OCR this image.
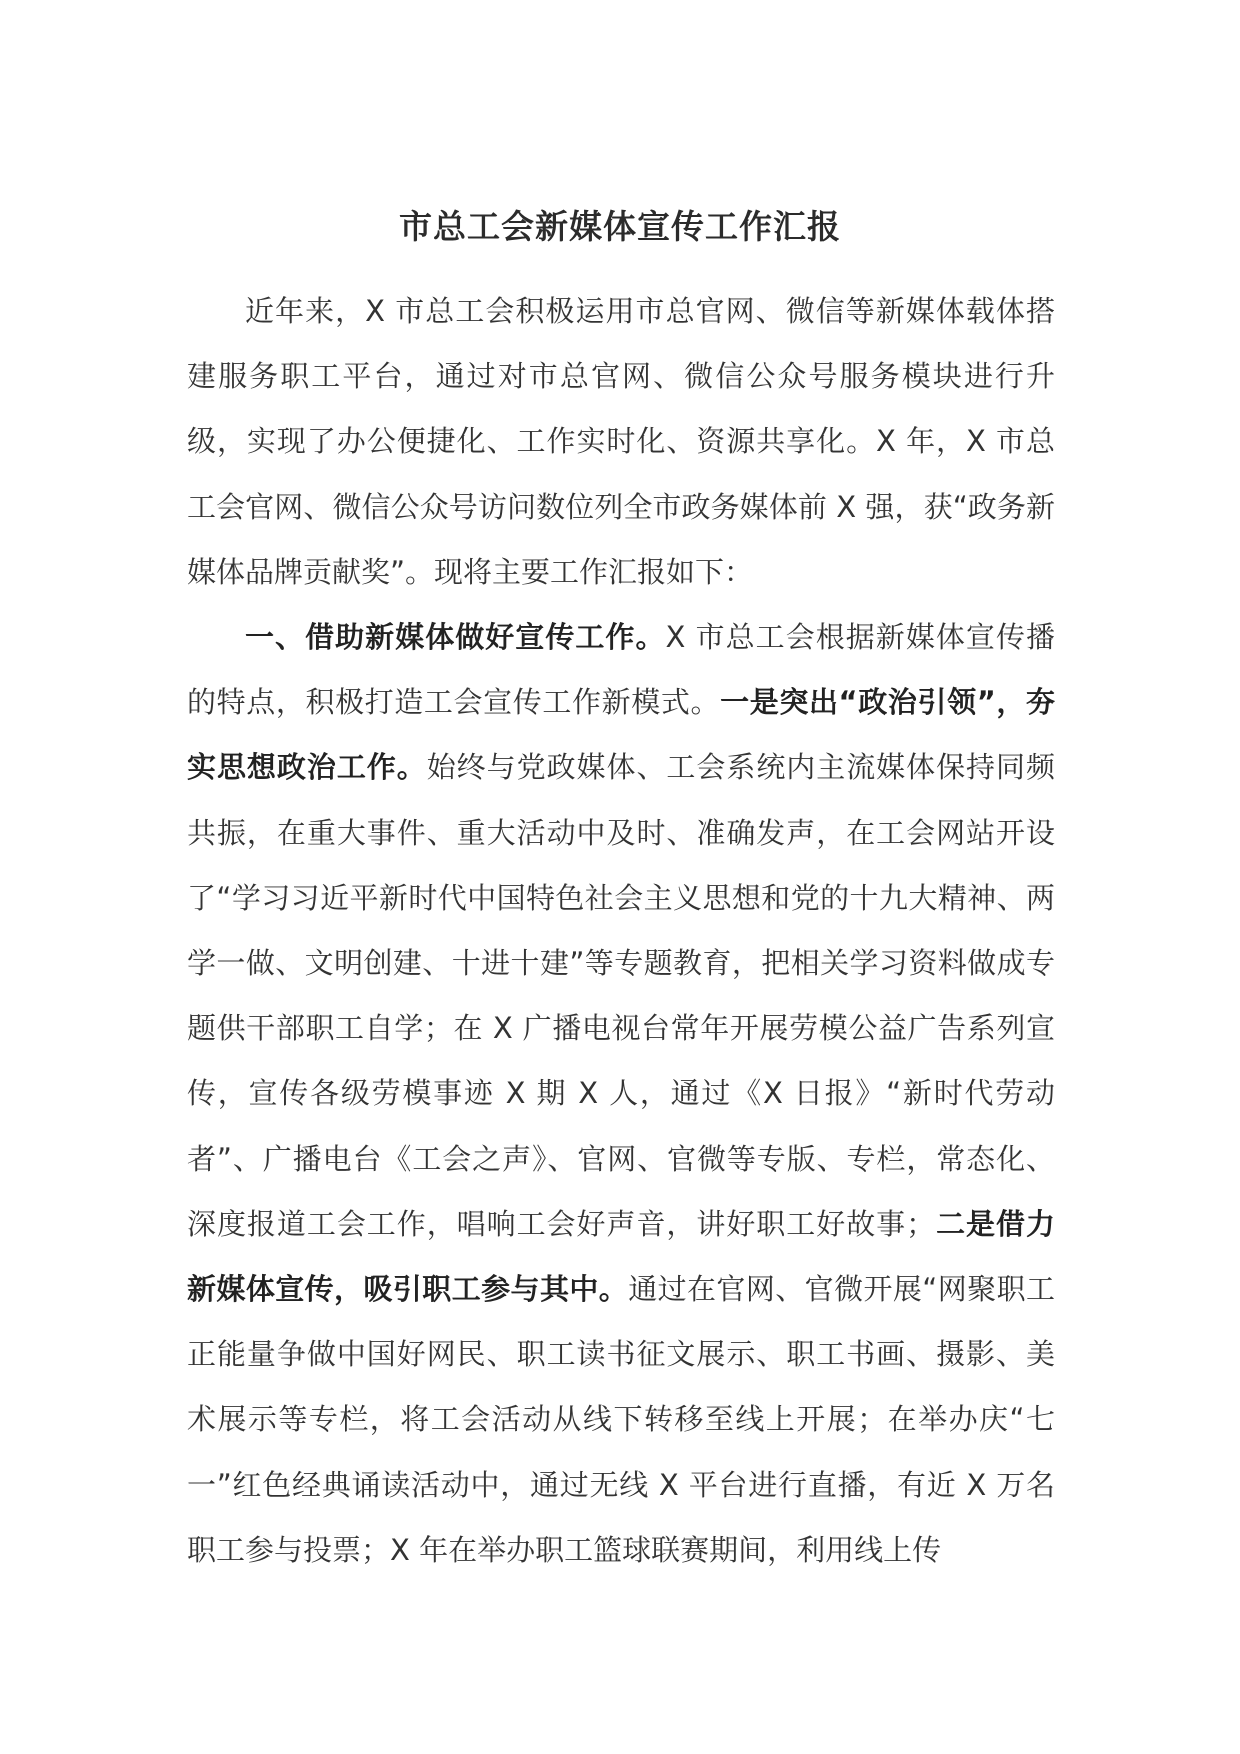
市总工会新媒体宣传工作汇报

近年来，X 市总工会积极运用市总官网、微信等新媒体载体搭建服务职工平台，通过对市总官网、微信公众号服务模块进行升级，实现了办公便捷化、工作实时化、资源共享化。X 年，X 市总工会官网、微信公众号访问数位列全市政务媒体前 X 强，获“政务新媒体品牌贡献奖”。现将主要工作汇报如下：

一、借助新媒体做好宣传工作。X 市总工会根据新媒体宣传播的特点，积极打造工会宣传工作新模式。一是突出“政治引领”，夯实思想政治工作。始终与党政媒体、工会系统内主流媒体保持同频共振，在重大事件、重大活动中及时、准确发声，在工会网站开设了“学习习近平新时代中国特色社会主义思想和党的十九大精神、两学一做、文明创建、十进十建”等专题教育，把相关学习资料做成专题供干部职工自学；在 X 广播电视台常年开展劳模公益广告系列宣传，宣传各级劳模事迹 X 期 X 人，通过《X 日报》“新时代劳动者”、广播电台《工会之声》、官网、官微等专版、专栏，常态化、深度报道工会工作，唱响工会好声音，讲好职工好故事；二是借力新媒体宣传，吸引职工参与其中。通过在官网、官微开展“网聚职工正能量争做中国好网民、职工读书征文展示、职工书画、摄影、美术展示等专栏，将工会活动从线下转移至线上开展；在举办庆“七一”红色经典诵读活动中，通过无线 X 平台进行直播，有近 X 万名职工参与投票；X 年在举办职工篮球联赛期间，利用线上传
